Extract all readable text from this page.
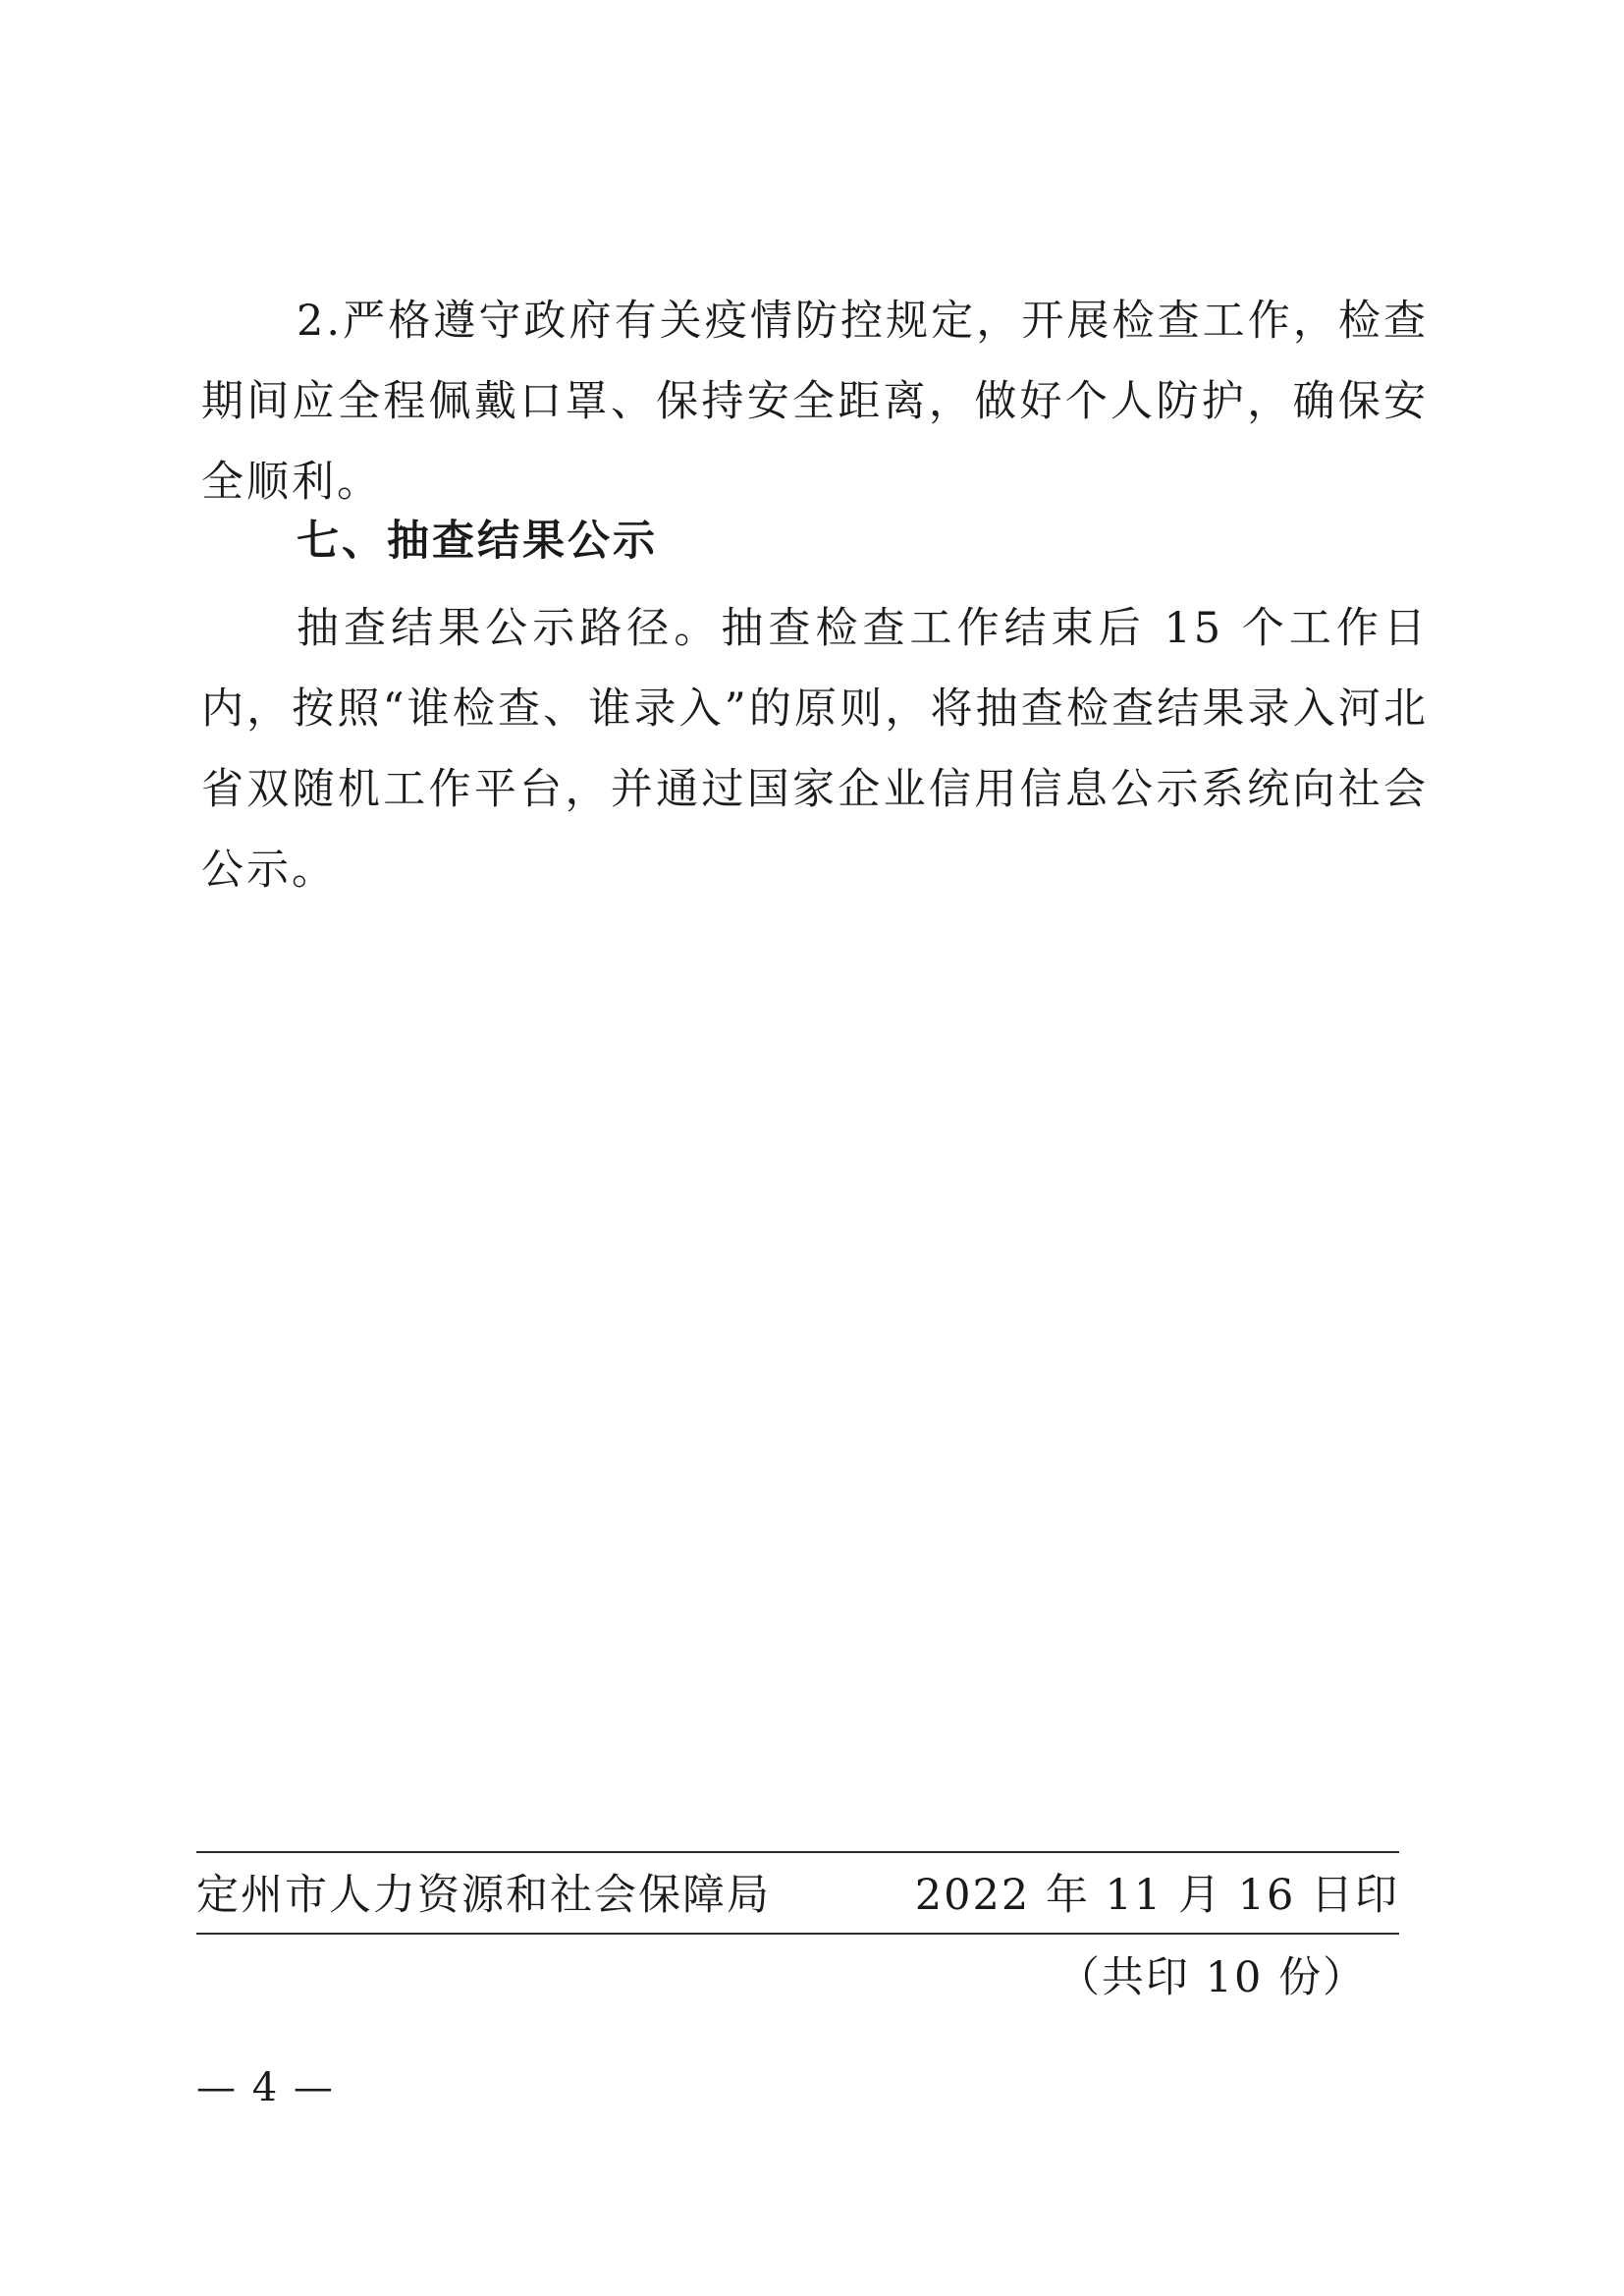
2.严格遵守政府有关疫情防控规定，开展检查工作，检查期间应全程佩戴口罩、保持安全距离，做好个人防护，确保安全顺利。

七、抽查结果公示

抽查结果公示路径。抽查检查工作结束后 15 个工作日内，按照“谁检查、谁录入”的原则，将抽查检查结果录入河北省双随机工作平台，并通过国家企业信用信息公示系统向社会公示。

定州市人力资源和社会保障局	2022 年 11 月 16 日印
（共印 10 份）
— 4 —
